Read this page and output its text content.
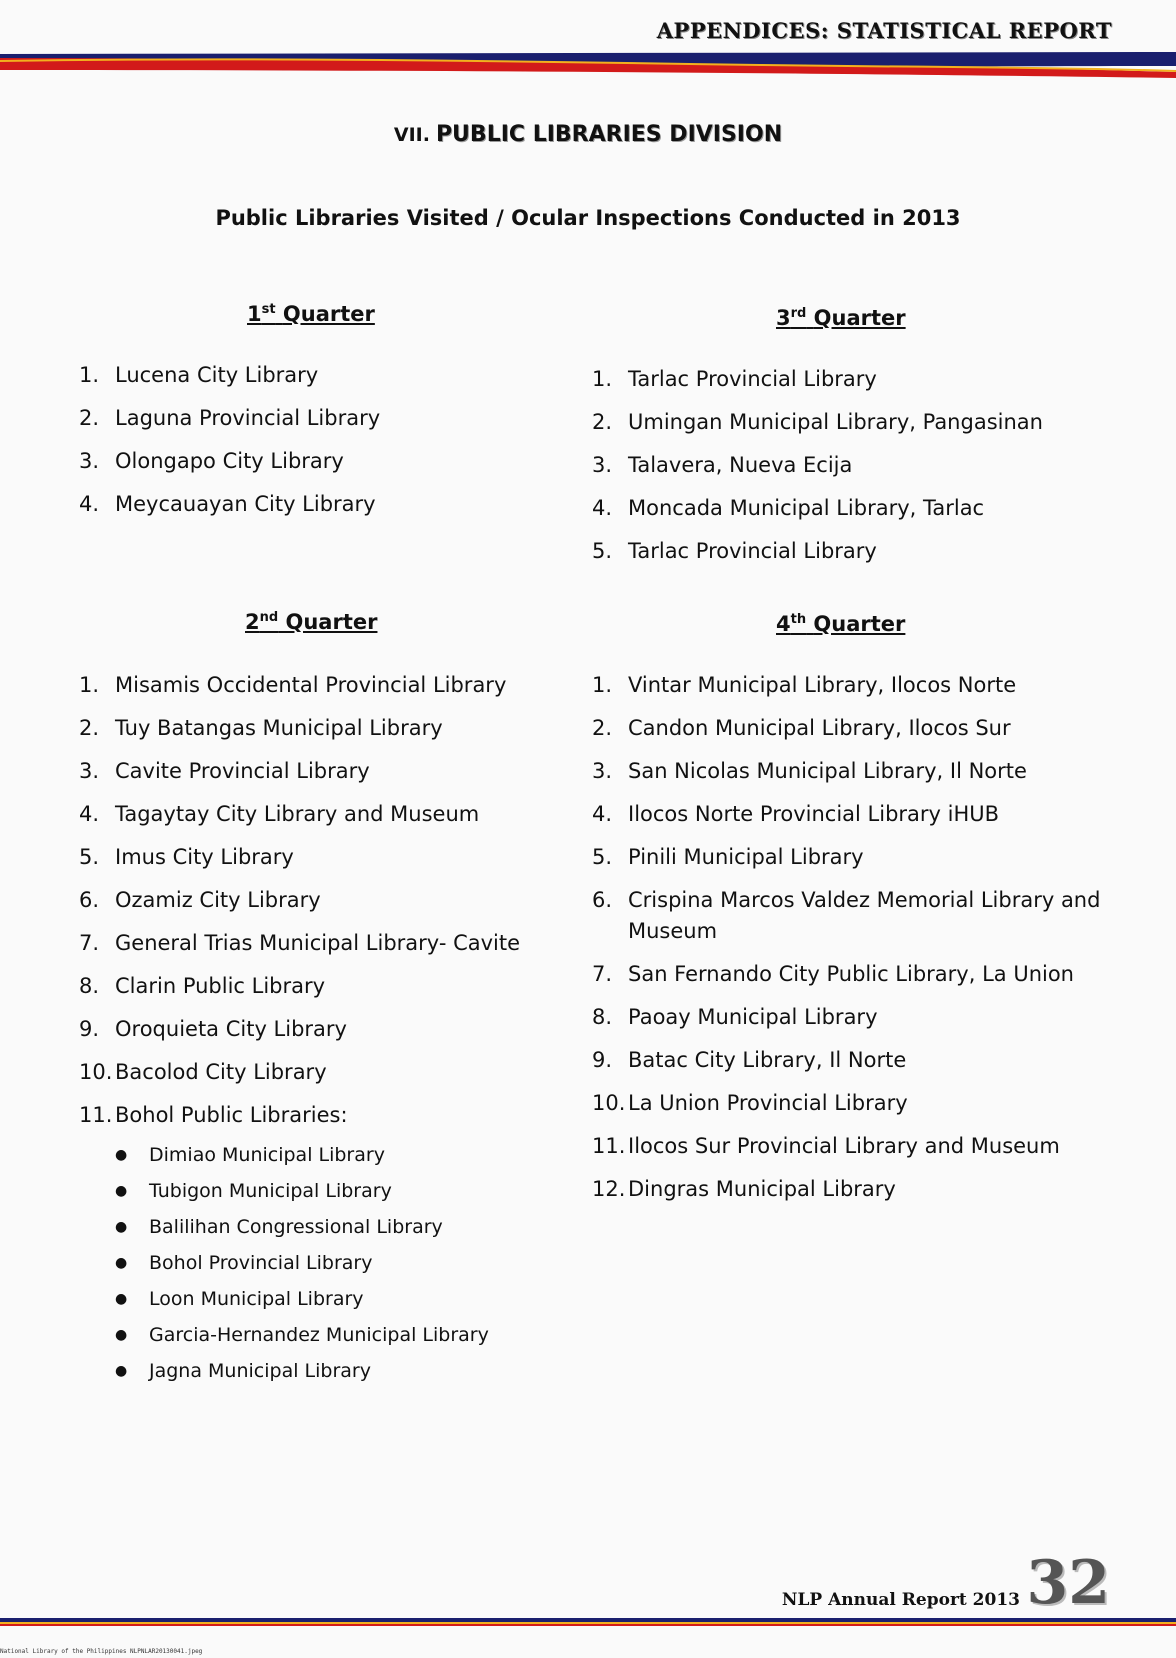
APPENDICES: STATISTICAL REPORT
VII. PUBLIC LIBRARIES DIVISION
Public Libraries Visited / Ocular Inspections Conducted in 2013
1st Quarter
1. Lucena City Library
2. Laguna Provincial Library
3. Olongapo City Library
4. Meycauayan City Library
3rd Quarter
1. Tarlac Provincial Library
2. Umingan Municipal Library, Pangasinan
3. Talavera, Nueva Ecija
4. Moncada Municipal Library, Tarlac
5. Tarlac Provincial Library
2nd Quarter
1. Misamis Occidental Provincial Library
2. Tuy Batangas Municipal Library
3. Cavite Provincial Library
4. Tagaytay City Library and Museum
5. Imus City Library
6. Ozamiz City Library
7. General Trias Municipal Library- Cavite
8. Clarin Public Library
9. Oroquieta City Library
10. Bacolod City Library
11. Bohol Public Libraries:
●	Dimiao Municipal Library
●	Tubigon Municipal Library
●	Balilihan Congressional Library
●	Bohol Provincial Library
●	Loon Municipal Library
●	Garcia-Hernandez Municipal Library
●	Jagna Municipal Library
4th Quarter
1. Vintar Municipal Library, Ilocos Norte
2. Candon Municipal Library, Ilocos Sur
3. San Nicolas Municipal Library, Il Norte
4. Ilocos Norte Provincial Library iHUB
5. Pinili Municipal Library
6. Crispina Marcos Valdez Memorial Library and Museum
7. San Fernando City Public Library, La Union
8. Paoay Municipal Library
9. Batac City Library, Il Norte
10. La Union Provincial Library
11. Ilocos Sur Provincial Library and Museum
12. Dingras Municipal Library
NLP Annual Report 2013 32
National Library of the Philippines NLPNLAR20130041.jpeg
